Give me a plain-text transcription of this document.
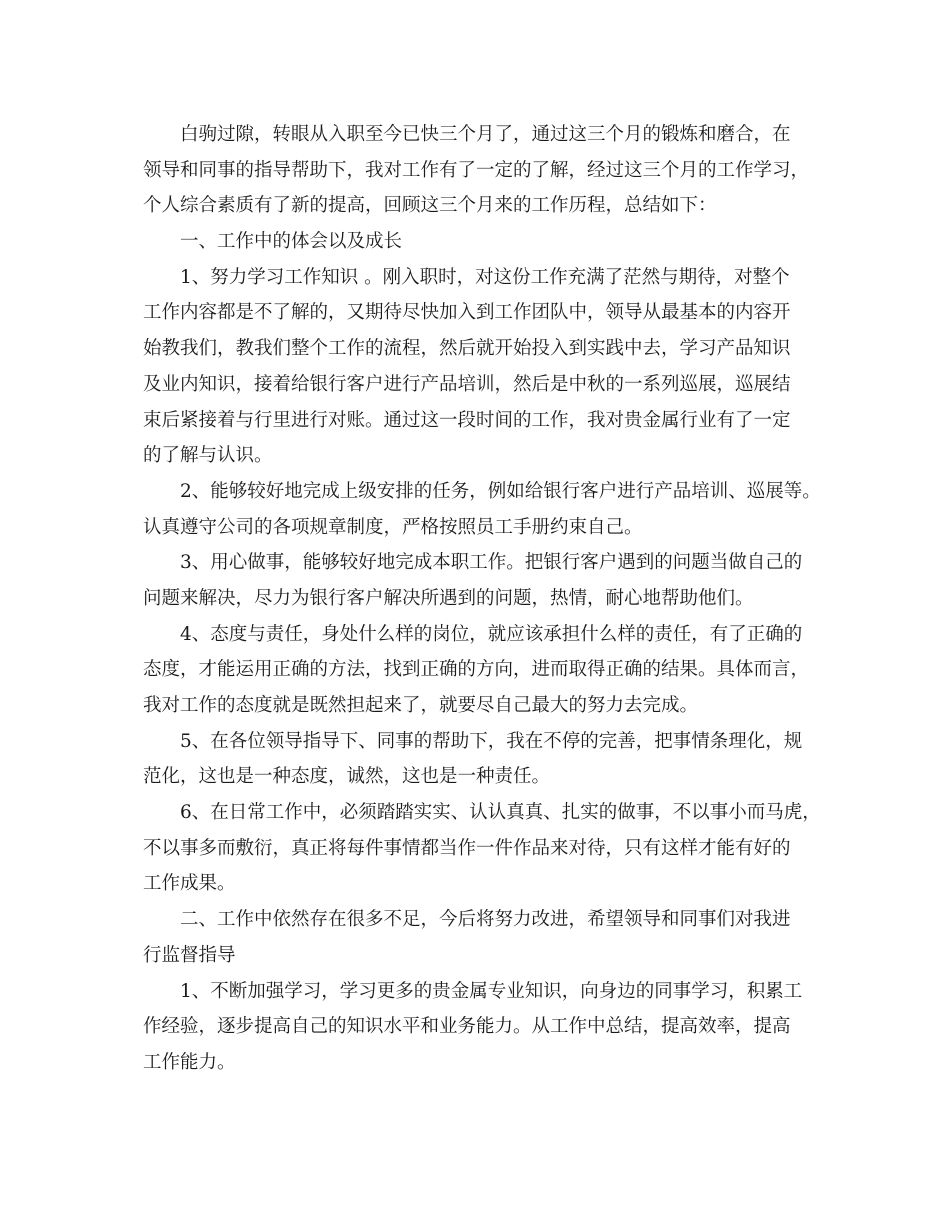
白驹过隙，转眼从入职至今已快三个月了，通过这三个月的锻炼和磨合，在
领导和同事的指导帮助下，我对工作有了一定的了解，经过这三个月的工作学习，
个人综合素质有了新的提高，回顾这三个月来的工作历程，总结如下：
一、工作中的体会以及成长
1、努力学习工作知识 。刚入职时，对这份工作充满了茫然与期待，对整个
工作内容都是不了解的，又期待尽快加入到工作团队中，领导从最基本的内容开
始教我们，教我们整个工作的流程，然后就开始投入到实践中去，学习产品知识
及业内知识，接着给银行客户进行产品培训，然后是中秋的一系列巡展，巡展结
束后紧接着与行里进行对账。通过这一段时间的工作，我对贵金属行业有了一定
的了解与认识。
2、能够较好地完成上级安排的任务，例如给银行客户进行产品培训、巡展等。
认真遵守公司的各项规章制度，严格按照员工手册约束自己。
3、用心做事，能够较好地完成本职工作。把银行客户遇到的问题当做自己的
问题来解决，尽力为银行客户解决所遇到的问题，热情，耐心地帮助他们。
4、态度与责任，身处什么样的岗位，就应该承担什么样的责任，有了正确的
态度，才能运用正确的方法，找到正确的方向，进而取得正确的结果。具体而言，
我对工作的态度就是既然担起来了，就要尽自己最大的努力去完成。
5、在各位领导指导下、同事的帮助下，我在不停的完善，把事情条理化，规
范化，这也是一种态度，诚然，这也是一种责任。
6、在日常工作中，必须踏踏实实、认认真真、扎实的做事，不以事小而马虎，
不以事多而敷衍，真正将每件事情都当作一件作品来对待，只有这样才能有好的
工作成果。
二、工作中依然存在很多不足，今后将努力改进，希望领导和同事们对我进
行监督指导
1、不断加强学习，学习更多的贵金属专业知识，向身边的同事学习，积累工
作经验，逐步提高自己的知识水平和业务能力。从工作中总结，提高效率，提高
工作能力。
